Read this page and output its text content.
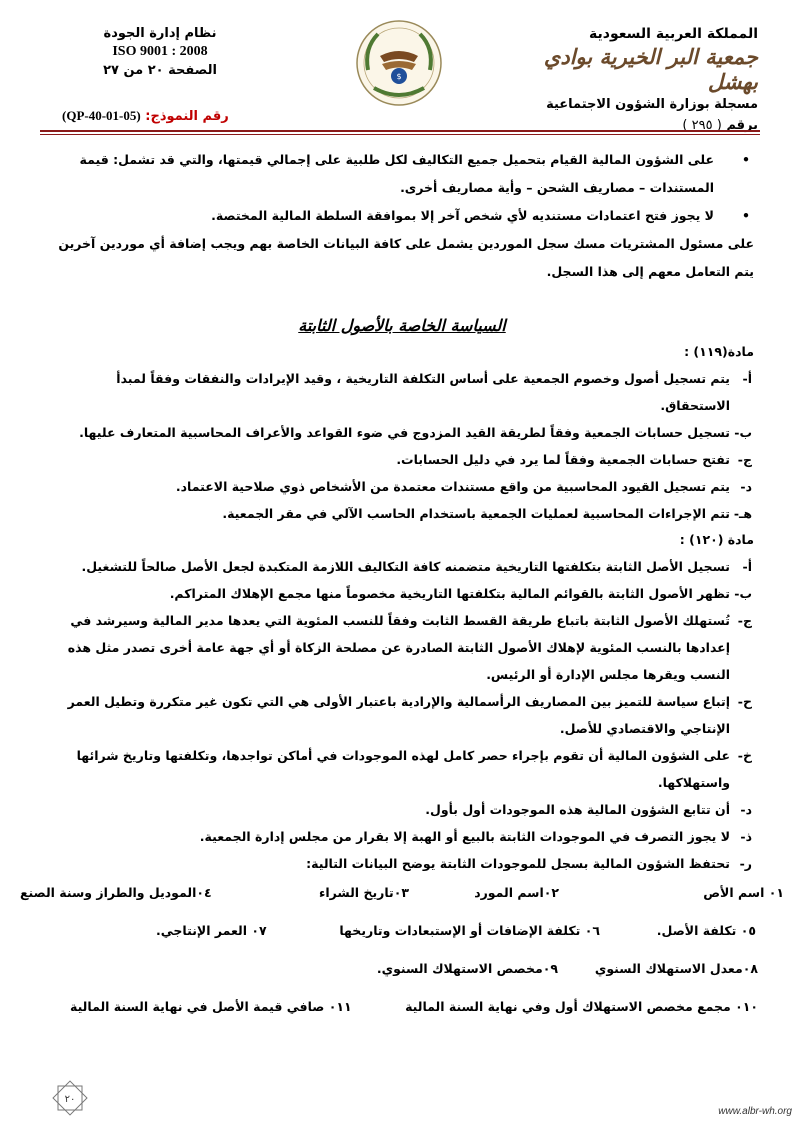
المملكة العربية السعودية
جمعية البر الخيرية بوادي بهشل
مسجلة بوزارة الشؤون الاجتماعية
برقم ( ٢٩٥ )
$
نظام إدارة الجودة
ISO 9001 : 2008
الصفحة ٢٠ من ٢٧
رقم النموذج: (QP-40-01-05)
•
على الشؤون المالية القيام بتحميل جميع التكاليف لكل طلبية على إجمالي قيمتها، والتي قد تشمل: قيمة المستندات – مصاريف الشحن – وأية مصاريف أخرى.
•
لا يجوز فتح اعتمادات مستنديه لأي شخص آخر إلا بموافقة السلطة المالية المختصة.
على مسئول المشتريات مسك سجل الموردين يشمل على كافة البيانات الخاصة بهم ويجب إضافة أي موردين آخرين يتم التعامل معهم إلى هذا السجل.
السياسة الخاصة بالأصول الثابتة
مادة(١١٩) :
أ-
يتم تسجيل أصول وخصوم الجمعية على أساس التكلفة التاريخية ، وقيد الإيرادات والنفقات وفقاً لمبدأ الاستحقاق.
ب-
تسجيل حسابات الجمعية وفقاً لطريقة القيد المزدوج في ضوء القواعد والأعراف المحاسبية المتعارف عليها.
ج-
تفتح حسابات الجمعية وفقاً لما يرد في دليل الحسابات.
د-
يتم تسجيل القيود المحاسبية من واقع مستندات معتمدة من الأشخاص ذوي صلاحية الاعتماد.
هـ-
تتم الإجراءات المحاسبية لعمليات الجمعية باستخدام الحاسب الآلي في مقر الجمعية.
مادة (١٢٠) :
أ-
تسجيل الأصل الثابتة بتكلفتها التاريخية متضمنه كافة التكاليف اللازمة المتكبدة لجعل الأصل صالحاً للتشغيل.
ب-
تظهر الأصول الثابتة بالقوائم المالية بتكلفتها التاريخية مخصوماً منها مجمع الإهلاك المتراكم.
ج-
تُستهلك الأصول الثابتة باتباع طريقة القسط الثابت وفقاً للنسب المئوية التي يعدها مدير المالية وسيرشد في إعدادها بالنسب المئوية لإهلاك الأصول الثابتة الصادرة عن مصلحة الزكاة أو أي جهة عامة أخرى تصدر مثل هذه النسب ويقرها مجلس الإدارة أو الرئيس.
ح-
إتباع سياسة للتميز بين المصاريف الرأسمالية والإرادية باعتبار الأولى هي التي تكون غير متكررة وتطيل العمر الإنتاجي والاقتصادي للأصل.
خ-
على الشؤون المالية أن تقوم بإجراء حصر كامل لهذه الموجودات في أماكن تواجدها، وتكلفتها وتاريخ شرائها واستهلاكها.
د-
أن تتابع الشؤون المالية هذه الموجودات أول بأول.
ذ-
لا يجوز التصرف في الموجودات الثابتة بالبيع أو الهبة إلا بقرار من مجلس إدارة الجمعية.
ر-
تحتفظ الشؤون المالية بسجل للموجودات الثابتة يوضح البيانات التالية:
٠١ اسم الأص
٠٢اسم المورد
٠٣تاريخ الشراء
٠٤الموديل والطراز وسنة الصنع
٠٥ تكلفة الأصل.
٠٦ تكلفة الإضافات أو الإستبعادات وتاريخها
٠٧ العمر الإنتاجي.
٠٨معدل الاستهلاك السنوي
٠٩مخصص الاستهلاك السنوي.
٠١٠ مجمع مخصص الاستهلاك أول وفي نهاية السنة المالية
٠١١ صافي قيمة الأصل في نهاية السنة المالية
٢٠
www.albr-wh.org
